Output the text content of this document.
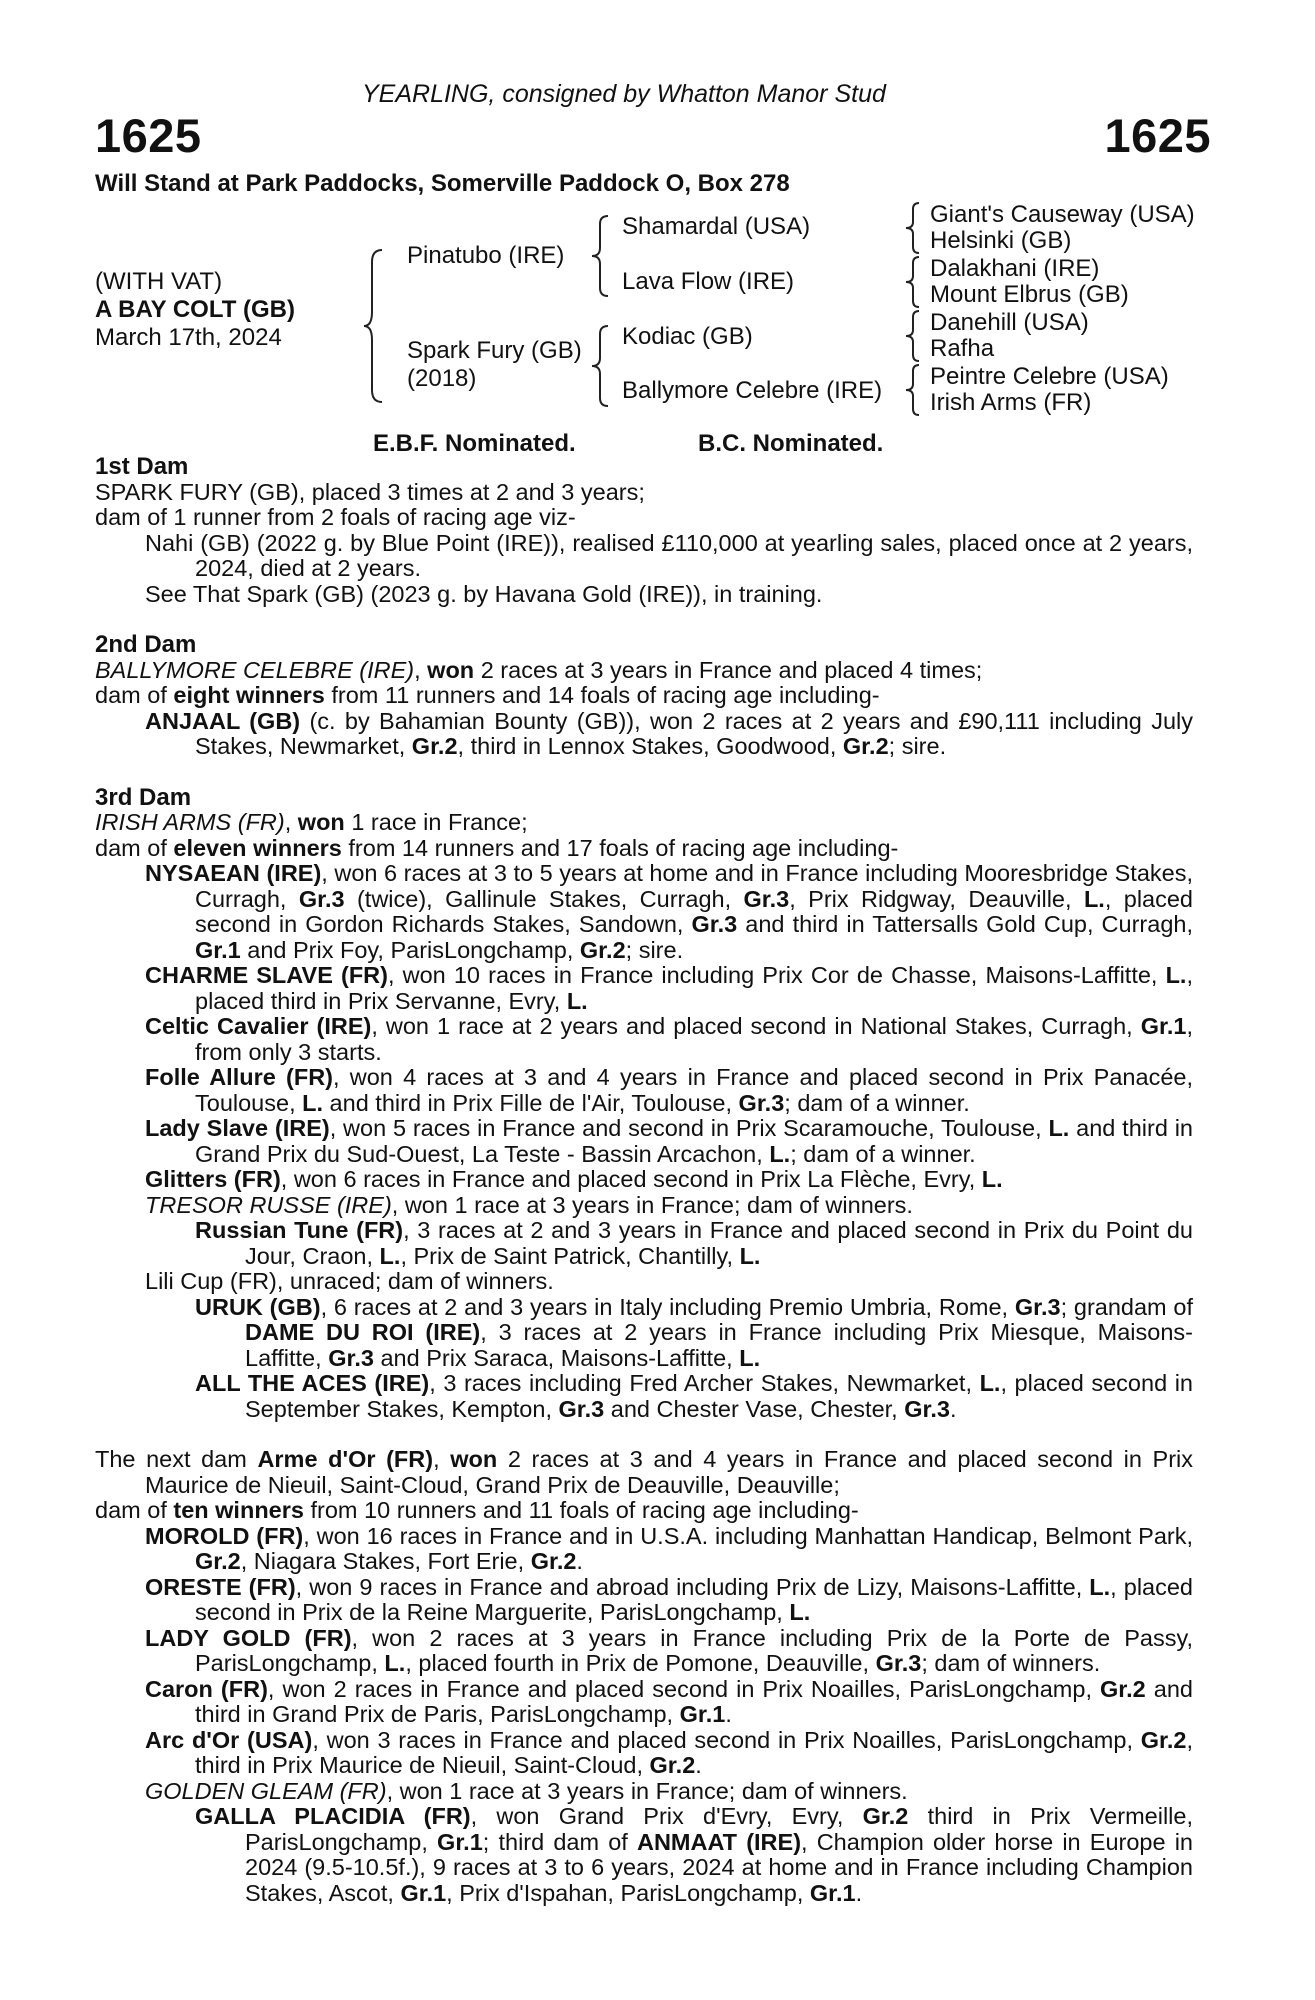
YEARLING, consigned by Whatton Manor Stud
1625	1625
Will Stand at Park Paddocks, Somerville Paddock O, Box 278
(WITH VAT)
A BAY COLT (GB)
March 17th, 2024
Pinatubo (IRE)
Spark Fury (GB)
(2018)
Shamardal (USA)
Lava Flow (IRE)
Kodiac (GB)
Ballymore Celebre (IRE)
Giant's Causeway (USA)
Helsinki (GB)
Dalakhani (IRE)
Mount Elbrus (GB)
Danehill (USA)
Rafha
Peintre Celebre (USA)
Irish Arms (FR)
E.B.F. Nominated.	B.C. Nominated.

1st Dam

SPARK FURY (GB), placed 3 times at 2 and 3 years;

dam of 1 runner from 2 foals of racing age viz-

Nahi (GB) (2022 g. by Blue Point (IRE)), realised £110,000 at yearling sales, placed once at 2 years, 2024, died at 2 years.

See That Spark (GB) (2023 g. by Havana Gold (IRE)), in training.

2nd Dam

BALLYMORE CELEBRE (IRE), won 2 races at 3 years in France and placed 4 times;

dam of eight winners from 11 runners and 14 foals of racing age including-

ANJAAL (GB) (c. by Bahamian Bounty (GB)), won 2 races at 2 years and £90,111 including July Stakes, Newmarket, Gr.2, third in Lennox Stakes, Goodwood, Gr.2; sire.

3rd Dam

IRISH ARMS (FR), won 1 race in France;

dam of eleven winners from 14 runners and 17 foals of racing age including-

NYSAEAN (IRE), won 6 races at 3 to 5 years at home and in France including Mooresbridge Stakes, Curragh, Gr.3 (twice), Gallinule Stakes, Curragh, Gr.3, Prix Ridgway, Deauville, L., placed second in Gordon Richards Stakes, Sandown, Gr.3 and third in Tattersalls Gold Cup, Curragh, Gr.1 and Prix Foy, ParisLongchamp, Gr.2; sire.

CHARME SLAVE (FR), won 10 races in France including Prix Cor de Chasse, Maisons-Laffitte, L., placed third in Prix Servanne, Evry, L.

Celtic Cavalier (IRE), won 1 race at 2 years and placed second in National Stakes, Curragh, Gr.1, from only 3 starts.

Folle Allure (FR), won 4 races at 3 and 4 years in France and placed second in Prix Panacée, Toulouse, L. and third in Prix Fille de l'Air, Toulouse, Gr.3; dam of a winner.

Lady Slave (IRE), won 5 races in France and second in Prix Scaramouche, Toulouse, L. and third in Grand Prix du Sud-Ouest, La Teste - Bassin Arcachon, L.; dam of a winner.

Glitters (FR), won 6 races in France and placed second in Prix La Flèche, Evry, L.

TRESOR RUSSE (IRE), won 1 race at 3 years in France; dam of winners.

Russian Tune (FR), 3 races at 2 and 3 years in France and placed second in Prix du Point du Jour, Craon, L., Prix de Saint Patrick, Chantilly, L.

Lili Cup (FR), unraced; dam of winners.

URUK (GB), 6 races at 2 and 3 years in Italy including Premio Umbria, Rome, Gr.3; grandam of DAME DU ROI (IRE), 3 races at 2 years in France including Prix Miesque, Maisons-Laffitte, Gr.3 and Prix Saraca, Maisons-Laffitte, L.

ALL THE ACES (IRE), 3 races including Fred Archer Stakes, Newmarket, L., placed second in September Stakes, Kempton, Gr.3 and Chester Vase, Chester, Gr.3.

The next dam Arme d'Or (FR), won 2 races at 3 and 4 years in France and placed second in Prix Maurice de Nieuil, Saint-Cloud, Grand Prix de Deauville, Deauville;

dam of ten winners from 10 runners and 11 foals of racing age including-

MOROLD (FR), won 16 races in France and in U.S.A. including Manhattan Handicap, Belmont Park, Gr.2, Niagara Stakes, Fort Erie, Gr.2.

ORESTE (FR), won 9 races in France and abroad including Prix de Lizy, Maisons-Laffitte, L., placed second in Prix de la Reine Marguerite, ParisLongchamp, L.

LADY GOLD (FR), won 2 races at 3 years in France including Prix de la Porte de Passy, ParisLongchamp, L., placed fourth in Prix de Pomone, Deauville, Gr.3; dam of winners.

Caron (FR), won 2 races in France and placed second in Prix Noailles, ParisLongchamp, Gr.2 and third in Grand Prix de Paris, ParisLongchamp, Gr.1.

Arc d'Or (USA), won 3 races in France and placed second in Prix Noailles, ParisLongchamp, Gr.2, third in Prix Maurice de Nieuil, Saint-Cloud, Gr.2.

GOLDEN GLEAM (FR), won 1 race at 3 years in France; dam of winners.

GALLA PLACIDIA (FR), won Grand Prix d'Evry, Evry, Gr.2 third in Prix Vermeille, ParisLongchamp, Gr.1; third dam of ANMAAT (IRE), Champion older horse in Europe in 2024 (9.5-10.5f.), 9 races at 3 to 6 years, 2024 at home and in France including Champion Stakes, Ascot, Gr.1, Prix d'Ispahan, ParisLongchamp, Gr.1.
